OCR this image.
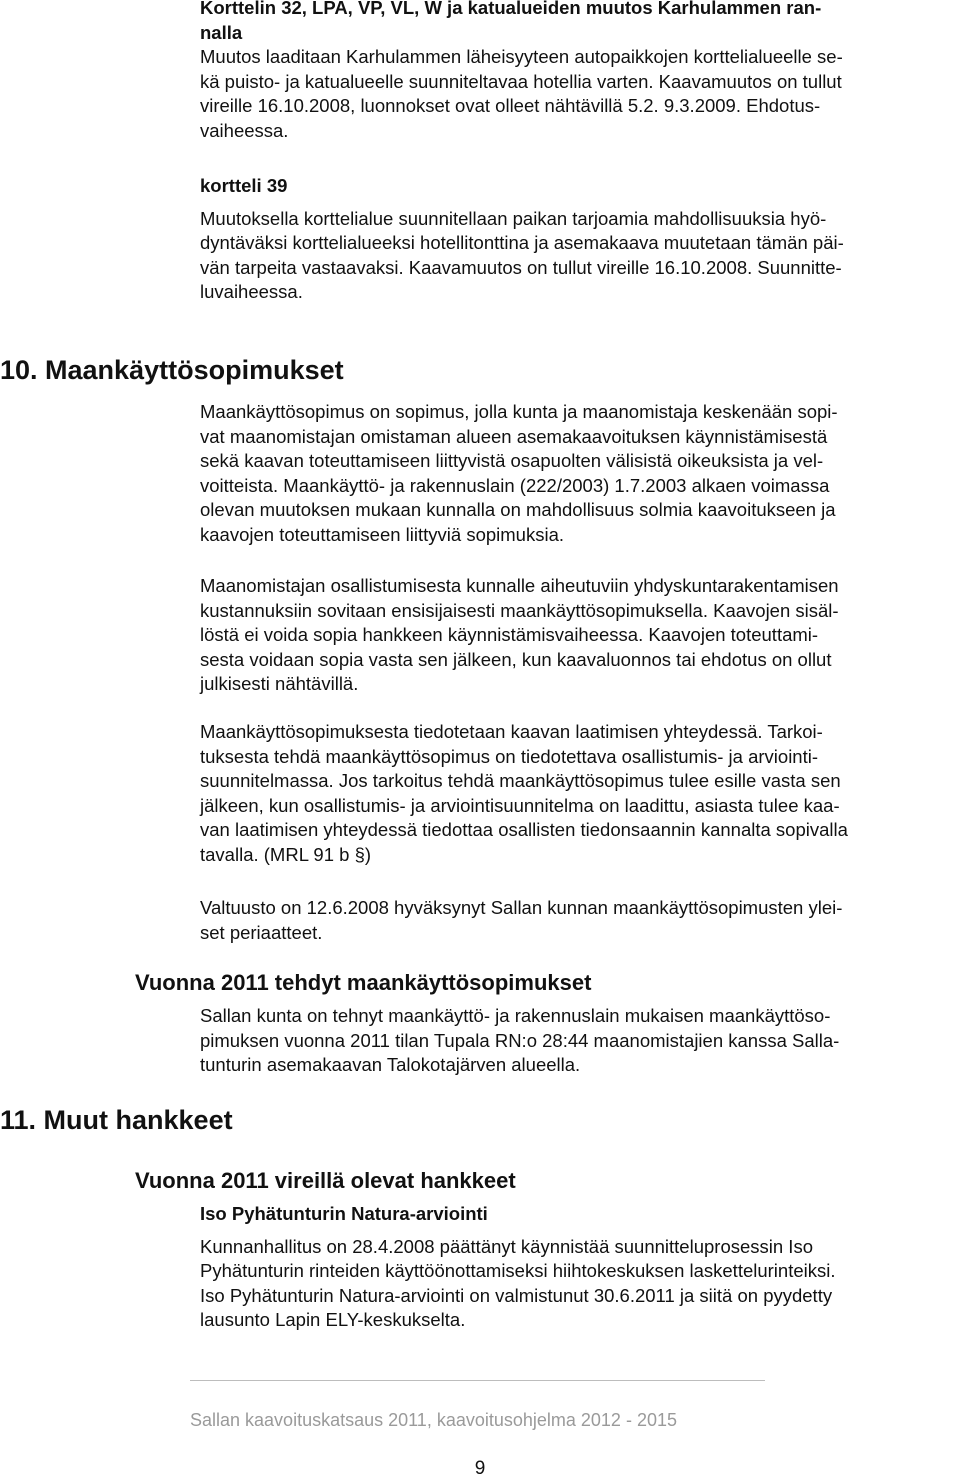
Korttelin 32, LPA, VP, VL, W ja katualueiden muutos Karhulammen ran-
nalla
Muutos laaditaan Karhulammen läheisyyteen autopaikkojen korttelialueelle se-
kä puisto- ja katualueelle suunniteltavaa hotellia varten. Kaavamuutos on tullut
vireille 16.10.2008, luonnokset ovat olleet nähtävillä 5.2. 9.3.2009. Ehdotus-
vaiheessa.
kortteli 39
Muutoksella korttelialue suunnitellaan paikan tarjoamia mahdollisuuksia hyö-
dyntäväksi korttelialueeksi hotellitonttina ja asemakaava muutetaan tämän päi-
vän tarpeita vastaavaksi. Kaavamuutos on tullut vireille 16.10.2008. Suunnitte-
luvaiheessa.
10. Maankäyttösopimukset
Maankäyttösopimus on sopimus, jolla kunta ja maanomistaja keskenään sopi-
vat maanomistajan omistaman alueen asemakaavoituksen käynnistämisestä
sekä kaavan toteuttamiseen liittyvistä osapuolten välisistä oikeuksista ja vel-
voitteista. Maankäyttö- ja rakennuslain (222/2003) 1.7.2003 alkaen voimassa
olevan muutoksen mukaan kunnalla on mahdollisuus solmia kaavoitukseen ja
kaavojen toteuttamiseen liittyviä sopimuksia.
Maanomistajan osallistumisesta kunnalle aiheutuviin yhdyskuntarakentamisen
kustannuksiin sovitaan ensisijaisesti maankäyttösopimuksella. Kaavojen sisäl-
löstä ei voida sopia hankkeen käynnistämisvaiheessa. Kaavojen toteuttami-
sesta voidaan sopia vasta sen jälkeen, kun kaavaluonnos tai ehdotus on ollut
julkisesti nähtävillä.
Maankäyttösopimuksesta tiedotetaan kaavan laatimisen yhteydessä. Tarkoi-
tuksesta tehdä maankäyttösopimus on tiedotettava osallistumis- ja arviointi-
suunnitelmassa. Jos tarkoitus tehdä maankäyttösopimus tulee esille vasta sen
jälkeen, kun osallistumis- ja arviointisuunnitelma on laadittu, asiasta tulee kaa-
van laatimisen yhteydessä tiedottaa osallisten tiedonsaannin kannalta sopivalla
tavalla. (MRL 91 b §)
Valtuusto on 12.6.2008 hyväksynyt Sallan kunnan maankäyttösopimusten ylei-
set periaatteet.
Vuonna 2011 tehdyt maankäyttösopimukset
Sallan kunta on tehnyt maankäyttö- ja rakennuslain mukaisen maankäyttöso-
pimuksen vuonna 2011 tilan Tupala RN:o 28:44 maanomistajien kanssa Salla-
tunturin asemakaavan Talokotajärven alueella.
11. Muut hankkeet
Vuonna 2011 vireillä olevat hankkeet
Iso Pyhätunturin Natura-arviointi
Kunnanhallitus on 28.4.2008 päättänyt käynnistää suunnitteluprosessin Iso
Pyhätunturin rinteiden käyttöönottamiseksi hiihtokeskuksen laskettelurinteiksi.
Iso Pyhätunturin Natura-arviointi on valmistunut 30.6.2011 ja siitä on pyydetty
lausunto Lapin ELY-keskukselta.
Sallan kaavoituskatsaus 2011, kaavoitusohjelma 2012 - 2015
9
